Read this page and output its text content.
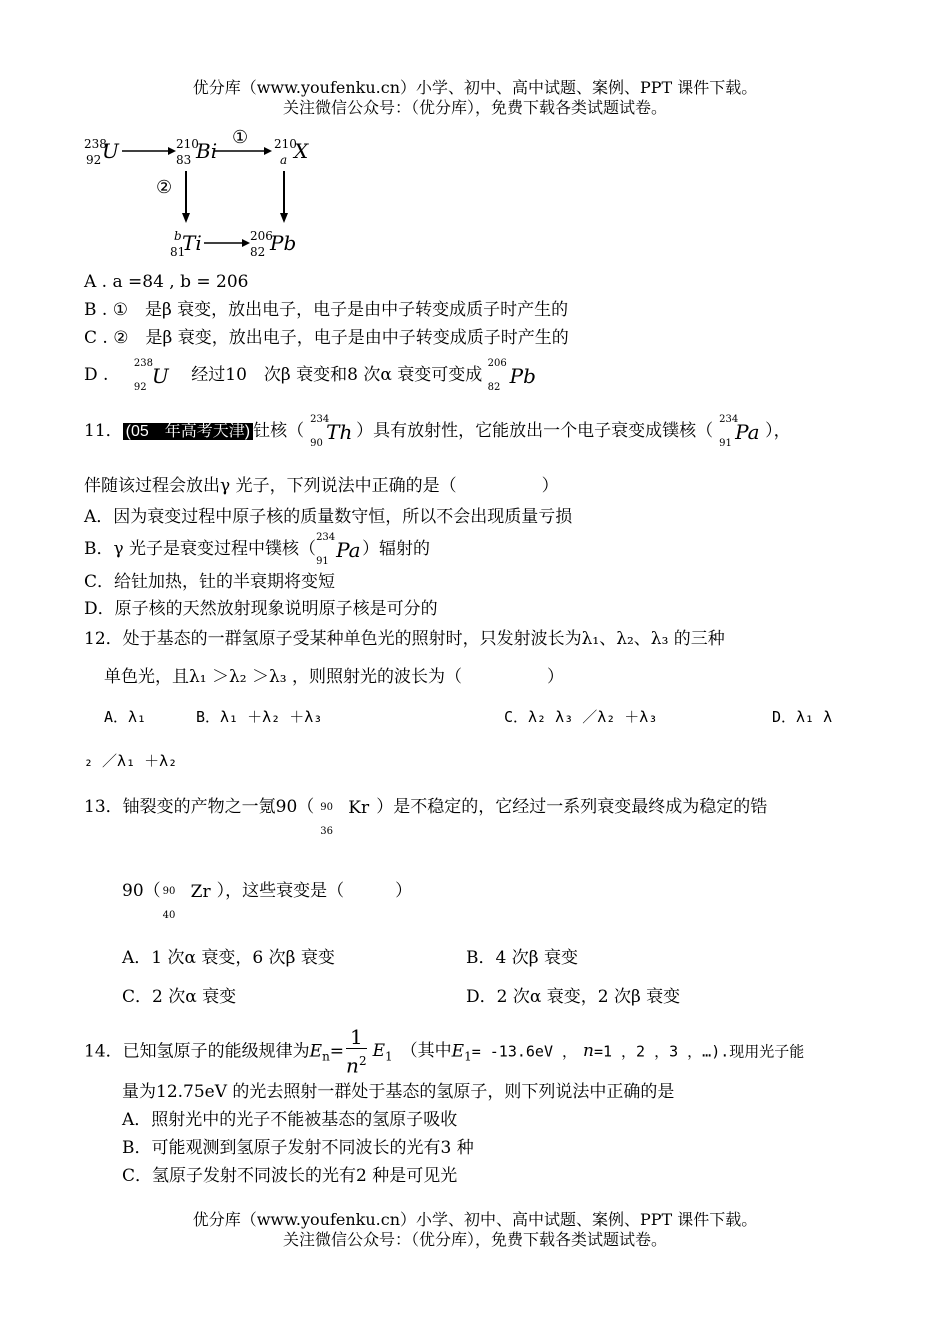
优分库（www.youfenku.cn）小学、初中、高中试题、案例、PPT 课件下载。
关注微信公众号：（优分库），免费下载各类试题试卷。
238
92 U	210
83 Bi
① 210
a X
②
b
81
Ti	206
82 Pb
A . a =84 , b = 206
B . ①　是β 衰变，放出电子，电子是由中子转变成质子时产生的
C . ②　是β 衰变，放出电子，电子是由中子转变成质子时产生的
D .
238
92 U 经过10　次β 衰变和8 次α 衰变可变成
206
82 Pb
11． (05　年高考天津) 钍核（
234
90 Th ）具有放射性，它能放出一个电子衰变成镤核（
234
91 Pa ），
伴随该过程会放出γ 光子，下列说法中正确的是（　　　　　）
A．因为衰变过程中原子核的质量数守恒，所以不会出现质量亏损
B．γ 光子是衰变过程中镤核（
234
91 Pa）辐射的
C．给钍加热，钍的半衰期将变短
D．原子核的天然放射现象说明原子核是可分的
12．处于基态的一群氢原子受某种单色光的照射时，只发射波长为λ₁、λ₂、λ₃ 的三种
单色光，且λ₁ ＞λ₂ ＞λ₃ ，则照射光的波长为（　　　　　）
A．λ₁	B．λ₁ ＋λ₂ ＋λ₃	C．λ₂ λ₃ ／λ₂ ＋λ₃	D．λ₁ λ
₂ ／λ₁ ＋λ₂
13．铀裂变的产物之一氪90（ 90
36
Kr ）是不稳定的，它经过一系列衰变最终成为稳定的锆
90（ 90
40
Zr ），这些衰变是（　　　）
A．1 次α 衰变，6 次β 衰变	B．4 次β 衰变
C．2 次α 衰变	D．2 次α 衰变，2 次β 衰变
14．已知氢原子的能级规律为$E_n= \frac{1}{n^2} E_1$ （其中$E_1= -13.6eV$ ， n=1 ，2 ，3 ，…).现用光子能
量为12.75eV 的光去照射一群处于基态的氢原子，则下列说法中正确的是
A．照射光中的光子不能被基态的氢原子吸收
B．可能观测到氢原子发射不同波长的光有3 种
C．氢原子发射不同波长的光有2 种是可见光
优分库（www.youfenku.cn）小学、初中、高中试题、案例、PPT 课件下载。
关注微信公众号：（优分库），免费下载各类试题试卷。
